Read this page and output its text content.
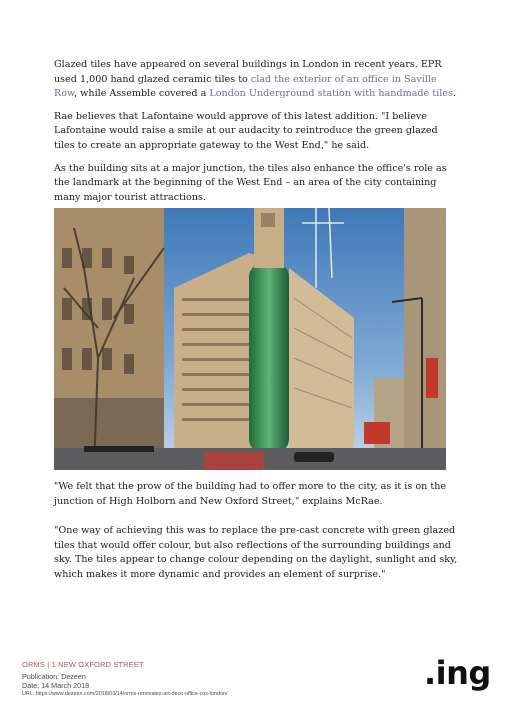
Glazed tiles have appeared on several buildings in London in recent years. EPR used 1,000 hand glazed ceramic tiles to clad the exterior of an office in Saville Row, while Assemble covered a London Underground station with handmade tiles.

Rae believes that Lafontaine would approve of this latest addition. "I believe Lafontaine would raise a smile at our audacity to reintroduce the green glazed tiles to create an appropriate gateway to the West End," he said.

As the building sits at a major junction, the tiles also enhance the office's role as the landmark at the beginning of the West End – an area of the city containing many major tourist attractions.

"We felt that the prow of the building had to offer more to the city, as it is on the junction of High Holborn and New Oxford Street," explains McRae.

"One way of achieving this was to replace the pre-cast concrete with green glazed tiles that would offer colour, but also reflections of the surrounding buildings and sky. The tiles appear to change colour depending on the daylight, sunlight and sky, which makes it more dynamic and provides an element of surprise."

ORMS | 1 NEW OXFORD STREET
Publication: Dezeen
Date: 14 March 2018
URL: https://www.dezeen.com/2018/03/14/orms-renovates-art-deco-office-cos-london/
.ing
